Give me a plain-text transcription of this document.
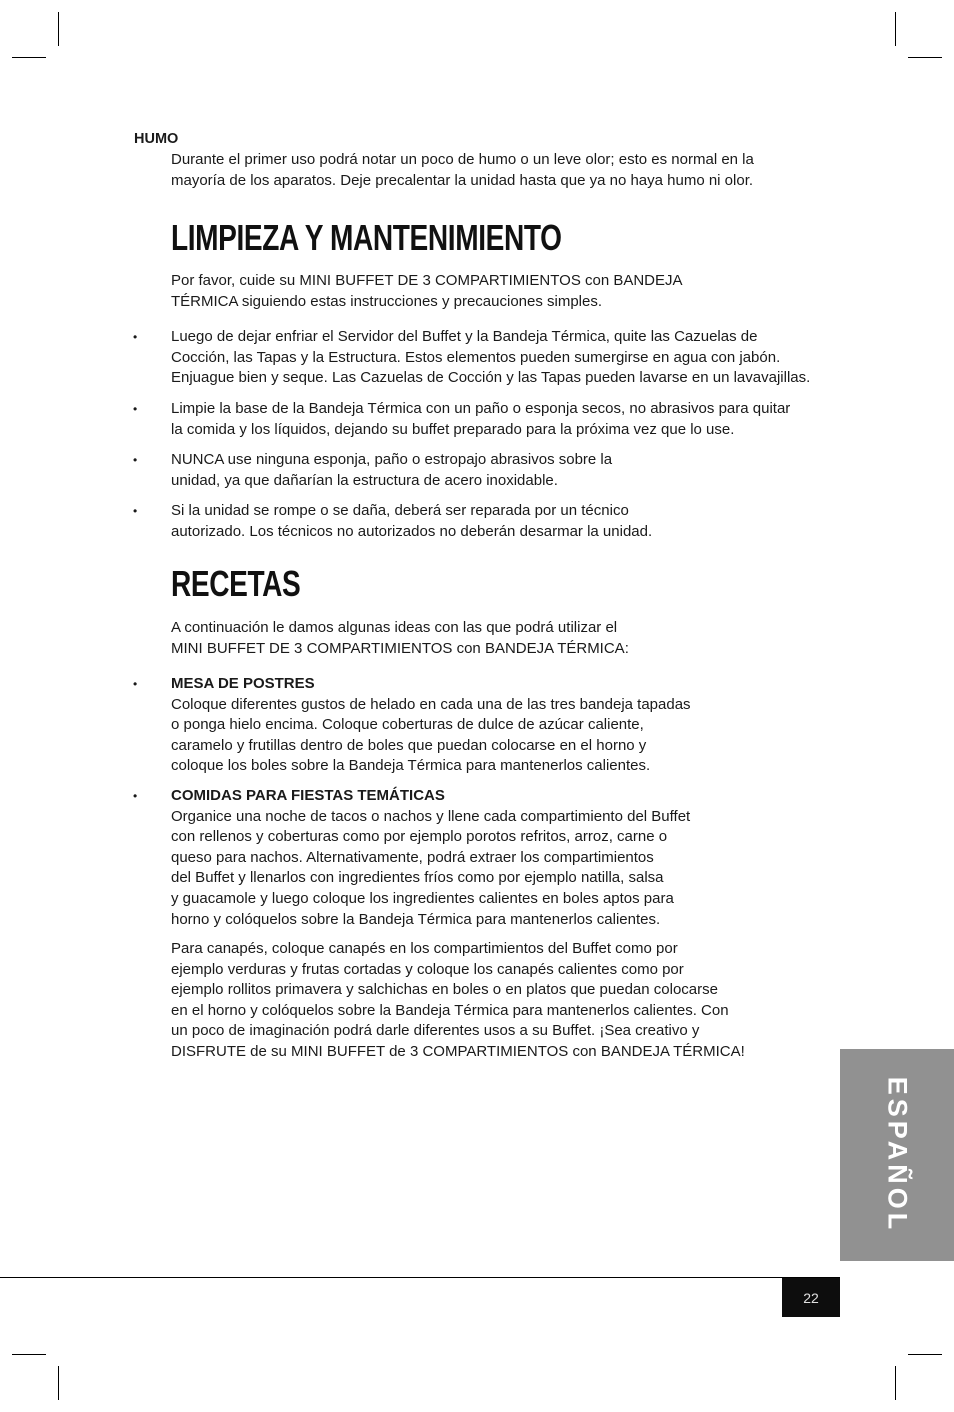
HUMO

Durante el primer uso podrá notar un poco de humo o un leve olor; esto es normal en la
mayoría de los aparatos. Deje precalentar la unidad hasta que ya no haya humo ni olor.

LIMPIEZA Y MANTENIMIENTO

Por favor, cuide su MINI BUFFET DE 3 COMPARTIMIENTOS con BANDEJA
TÉRMICA siguiendo estas instrucciones y precauciones simples.

• Luego de dejar enfriar el Servidor del Buffet y la Bandeja Térmica, quite las Cazuelas de
Cocción, las Tapas y la Estructura. Estos elementos pueden sumergirse en agua con jabón.
Enjuague bien y seque. Las Cazuelas de Cocción y las Tapas pueden lavarse en un lavavajillas.

• Limpie la base de la Bandeja Térmica con un paño o esponja secos, no abrasivos para quitar
la comida y los líquidos, dejando su buffet preparado para la próxima vez que lo use.

• NUNCA use ninguna esponja, paño o estropajo abrasivos sobre la
unidad, ya que dañarían la estructura de acero inoxidable.

• Si la unidad se rompe o se daña, deberá ser reparada por un técnico
autorizado. Los técnicos no autorizados no deberán desarmar la unidad.

RECETAS

A continuación le damos algunas ideas con las que podrá utilizar el
MINI BUFFET DE 3 COMPARTIMIENTOS con BANDEJA TÉRMICA:

• MESA DE POSTRES
Coloque diferentes gustos de helado en cada una de las tres bandeja tapadas
o ponga hielo encima. Coloque coberturas de dulce de azúcar caliente,
caramelo y frutillas dentro de boles que puedan colocarse en el horno y
coloque los boles sobre la Bandeja Térmica para mantenerlos calientes.

• COMIDAS PARA FIESTAS TEMÁTICAS
Organice una noche de tacos o nachos y llene cada compartimiento del Buffet
con rellenos y coberturas como por ejemplo porotos refritos, arroz, carne o
queso para nachos. Alternativamente, podrá extraer los compartimientos
del Buffet y llenarlos con ingredientes fríos como por ejemplo natilla, salsa
y guacamole y luego coloque los ingredientes calientes en boles aptos para
horno y colóquelos sobre la Bandeja Térmica para mantenerlos calientes.

Para canapés, coloque canapés en los compartimientos del Buffet como por
ejemplo verduras y frutas cortadas y coloque los canapés calientes como por
ejemplo rollitos primavera y salchichas en boles o en platos que puedan colocarse
en el horno y colóquelos sobre la Bandeja Térmica para mantenerlos calientes. Con
un poco de imaginación podrá darle diferentes usos a su Buffet. ¡Sea creativo y
DISFRUTE de su MINI BUFFET de 3 COMPARTIMIENTOS con BANDEJA TÉRMICA!

ESPAÑOL
22
